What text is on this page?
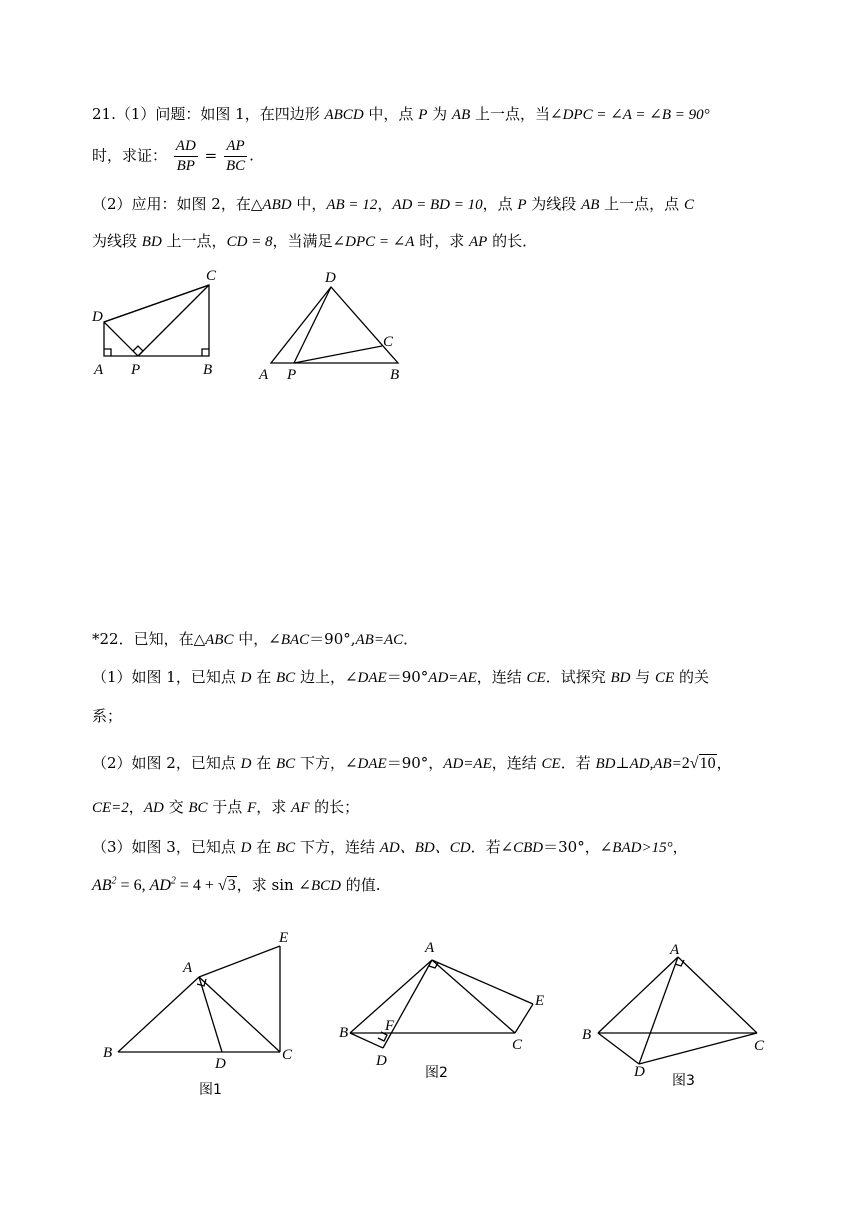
21.（1）问题：如图 1，在四边形 ABCD 中，点 P 为 AB 上一点，当∠DPC = ∠A = ∠B = 90°
时，求证： $\frac{AD}{BP} = \frac{AP}{BC}$ .
（2）应用：如图 2，在△ABD 中，AB = 12，AD = BD = 10，点 P 为线段 AB 上一点，点 C
为线段 BD 上一点，CD = 8，当满足∠DPC = ∠A 时，求 AP 的长．
D
C
A P	B
D
C
A P	B
*22．已知，在△ABC 中，∠BAC＝90°,AB=AC．
（1）如图 1，已知点 D 在 BC 边上，∠DAE＝90°AD=AE，连结 CE．试探究 BD 与 CE 的关
系；
（2）如图 2，已知点 D 在 BC 下方，∠DAE＝90°，AD=AE，连结 CE．若 BD⊥AD,AB=2√10，
CE=2，AD 交 BC 于点 F，求 AF 的长；
（3）如图 3，已知点 D 在 BC 下方，连结 AD、BD、CD．若∠CBD＝30°，∠BAD>15°，
$AB^2 = 6$, $AD^2 = 4 + √3$，求 sin ∠BCD 的值.
A
E
B
D
C
图1
A
E
B F
D
C
图2
A
B
C
D
图3
